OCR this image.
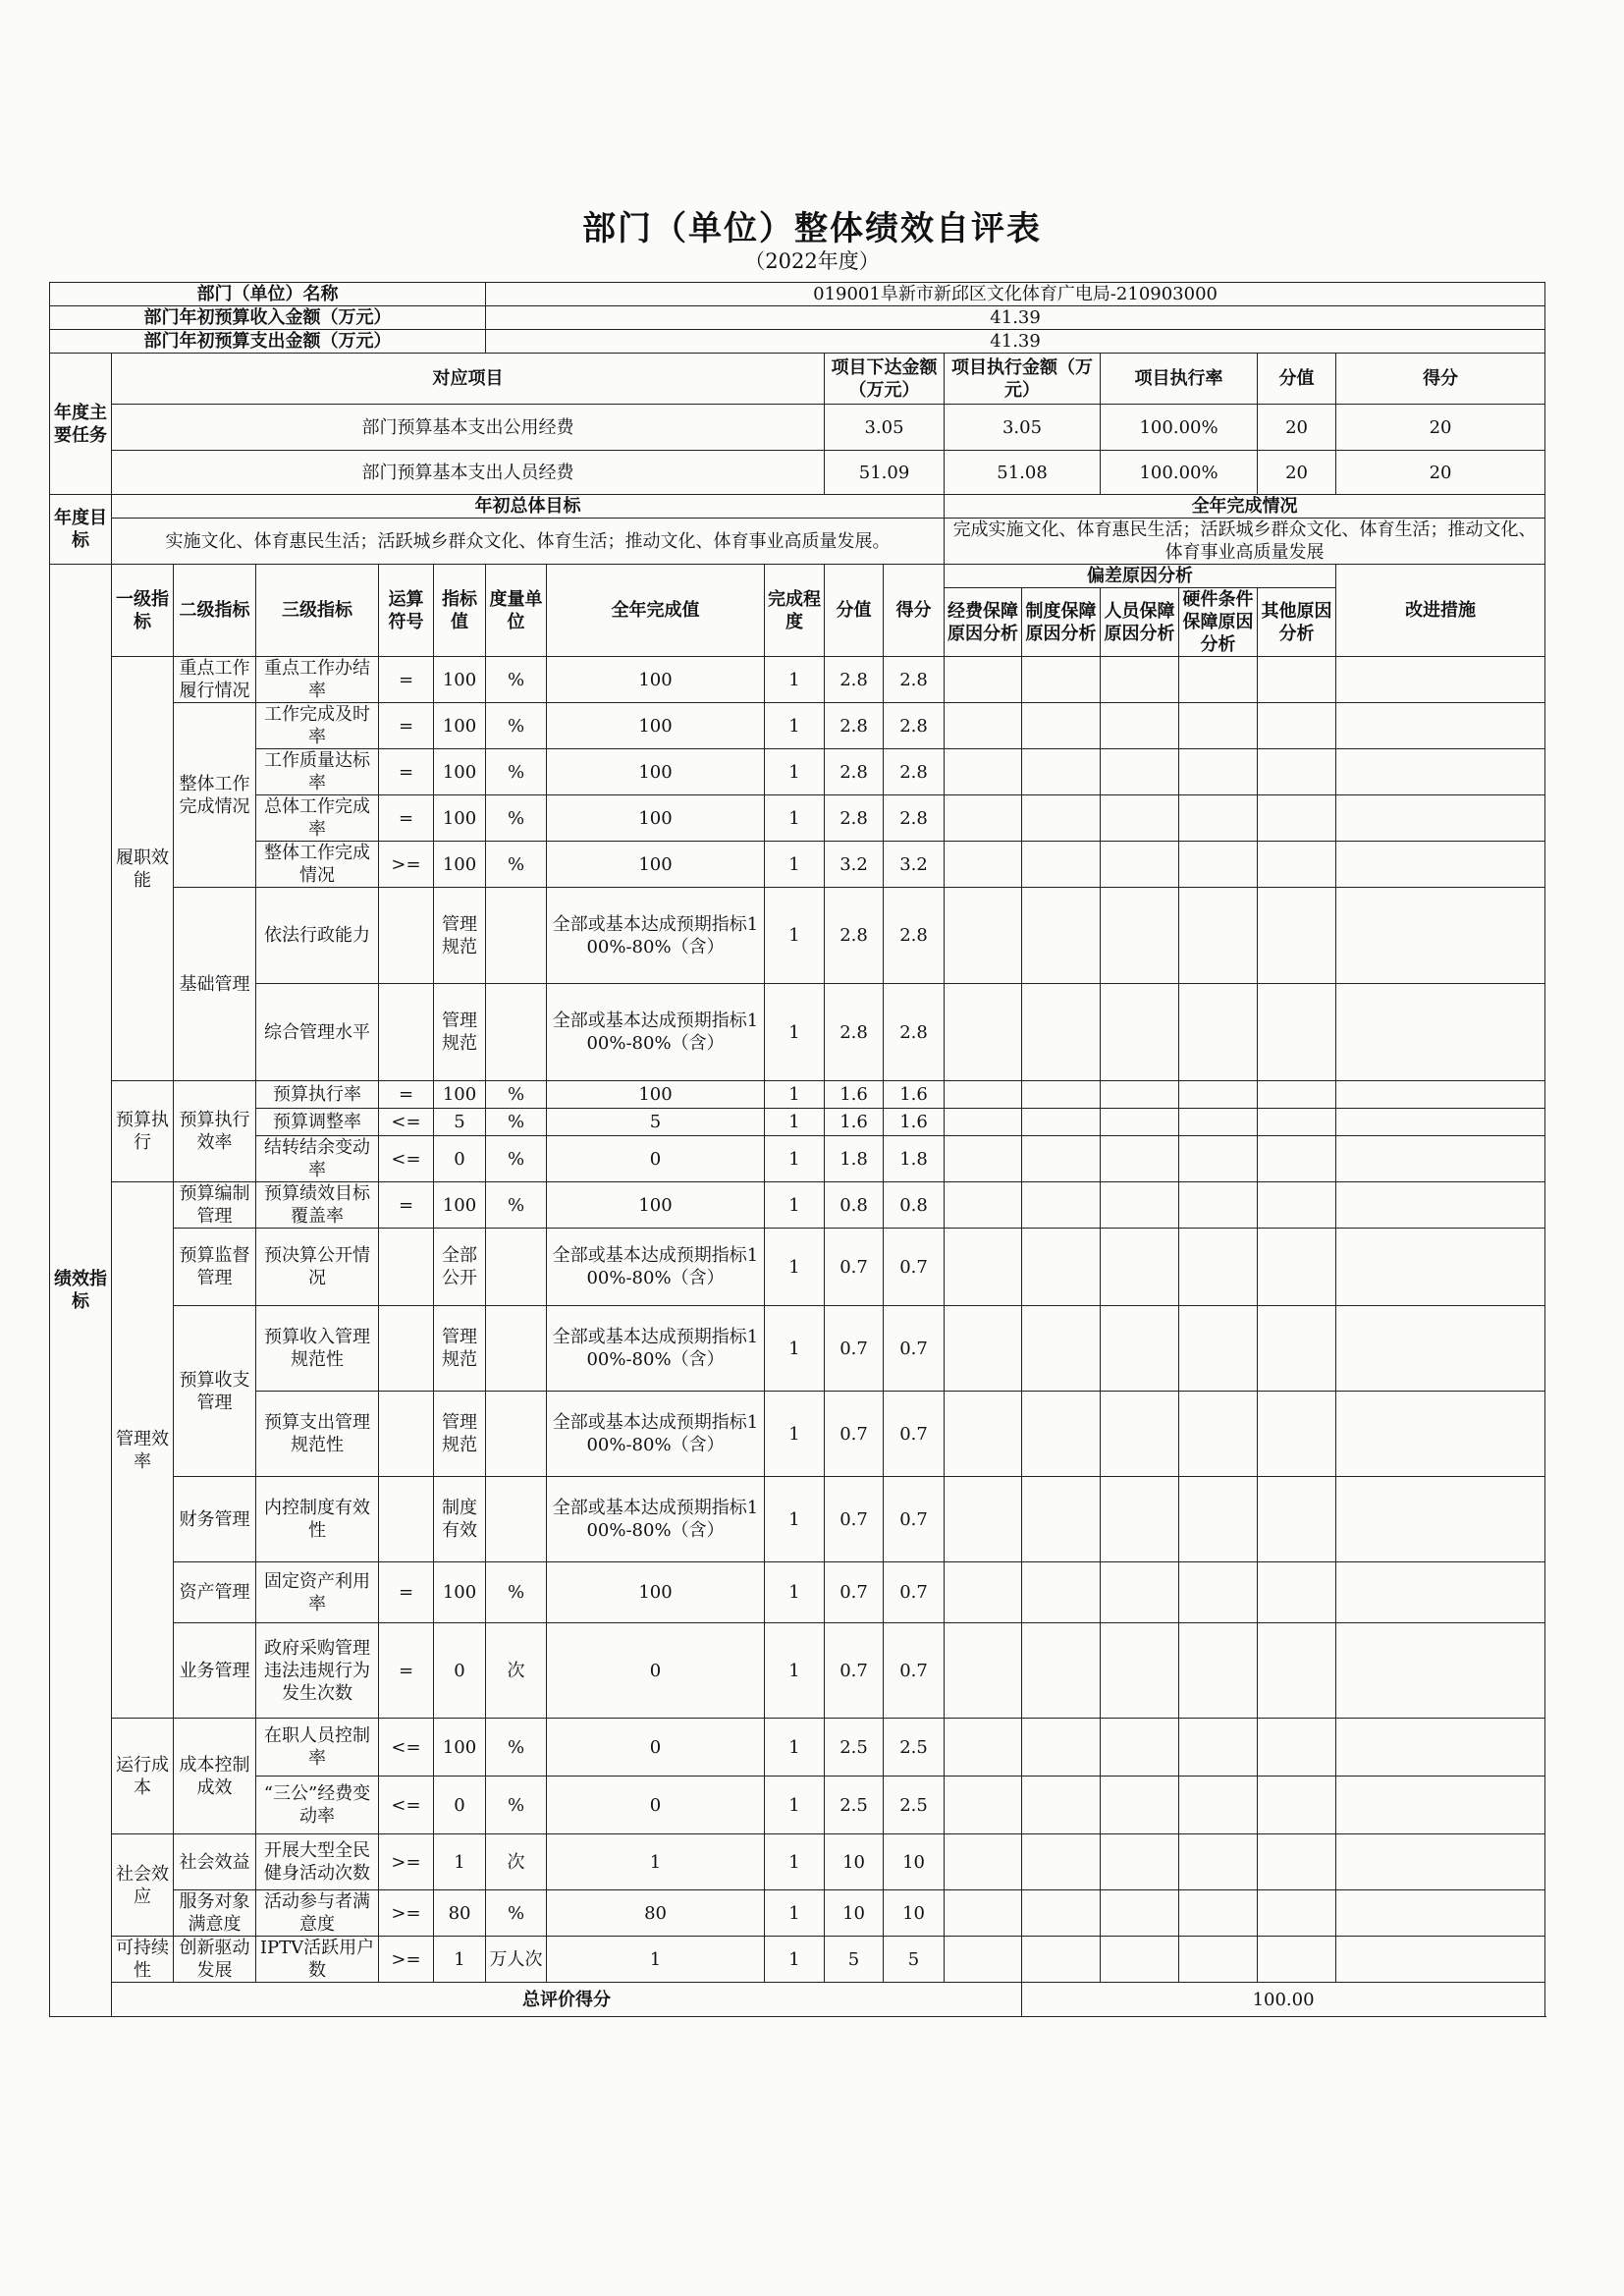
部门（单位）整体绩效自评表
（2022年度）
部门（单位）名称						019001阜新市新邱区文化体育广电局-210903000										
部门年初预算收入金额（万元）						41.39										
部门年初预算支出金额（万元）						41.39										
年度主要任务	对应项目								项目下达金额（万元）		项目执行金额（万元）		项目执行率		分值	得分
	部门预算基本支出公用经费								3.05		3.05		100.00%		20	20
	部门预算基本支出人员经费								51.09		51.08		100.00%		20	20
年度目标	年初总体目标										全年完成情况					
	实施文化、体育惠民生活；活跃城乡群众文化、体育生活；推动文化、体育事业高质量发展。										完成实施文化、体育惠民生活；活跃城乡群众文化、体育生活；推动文化、体育事业高质量发展					
绩效指标	一级指标	二级指标	三级指标	运算符号	指标值	度量单位	全年完成值	完成程度	分值	得分	偏差原因分析					改进措施
											经费保障原因分析	制度保障原因分析	人员保障原因分析	硬件条件保障原因分析	其他原因分析	
	履职效能	重点工作履行情况	重点工作办结率	=	100	%	100	1	2.8	2.8						
		整体工作完成情况	工作完成及时率	=	100	%	100	1	2.8	2.8						
			工作质量达标率	=	100	%	100	1	2.8	2.8						
			总体工作完成率	=	100	%	100	1	2.8	2.8						
			整体工作完成情况	>=	100	%	100	1	3.2	3.2						
		基础管理	依法行政能力		管理规范		全部或基本达成预期指标100%-80%（含）	1	2.8	2.8						
			综合管理水平		管理规范		全部或基本达成预期指标100%-80%（含）	1	2.8	2.8						
	预算执行	预算执行效率	预算执行率	=	100	%	100	1	1.6	1.6						
			预算调整率	<=	5	%	5	1	1.6	1.6						
			结转结余变动率	<=	0	%	0	1	1.8	1.8						
	管理效率	预算编制管理	预算绩效目标覆盖率	=	100	%	100	1	0.8	0.8						
		预算监督管理	预决算公开情况		全部公开		全部或基本达成预期指标100%-80%（含）	1	0.7	0.7						
		预算收支管理	预算收入管理规范性		管理规范		全部或基本达成预期指标100%-80%（含）	1	0.7	0.7						
			预算支出管理规范性		管理规范		全部或基本达成预期指标100%-80%（含）	1	0.7	0.7						
		财务管理	内控制度有效性		制度有效		全部或基本达成预期指标100%-80%（含）	1	0.7	0.7						
		资产管理	固定资产利用率	=	100	%	100	1	0.7	0.7						
		业务管理	政府采购管理违法违规行为发生次数	=	0	次	0	1	0.7	0.7						
	运行成本	成本控制成效	在职人员控制率	<=	100	%	0	1	2.5	2.5						
			“三公”经费变动率	<=	0	%	0	1	2.5	2.5						
	社会效应	社会效益	开展大型全民健身活动次数	>=	1	次	1	1	10	10						
		服务对象满意度	活动参与者满意度	>=	80	%	80	1	10	10						
	可持续性	创新驱动发展	IPTV活跃用户数	>=	1	万人次	1	1	5	5						
	总评价得分											100.00				
